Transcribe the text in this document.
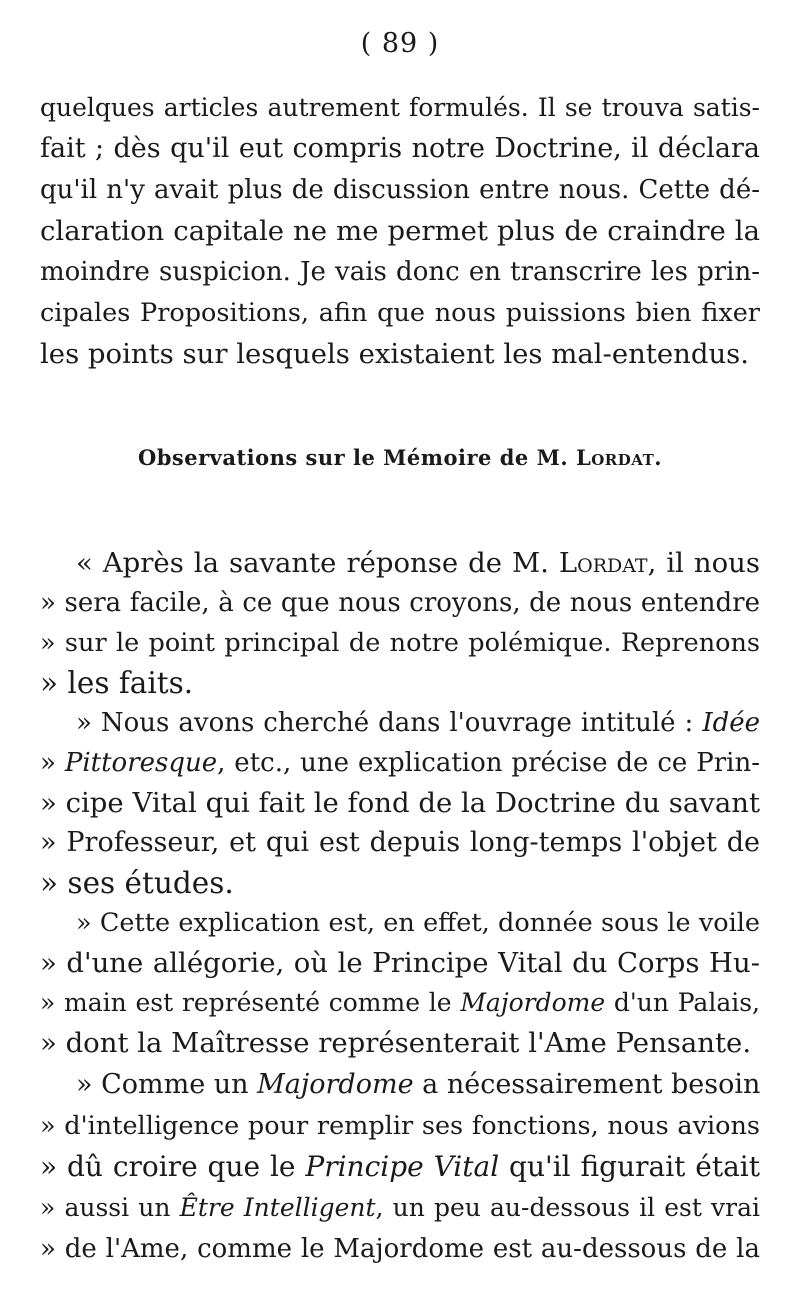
( 89 )
quelques articles autrement formulés. Il se trouva satis-
fait ; dès qu'il eut compris notre Doctrine, il déclara
qu'il n'y avait plus de discussion entre nous. Cette dé-
claration capitale ne me permet plus de craindre la
moindre suspicion. Je vais donc en transcrire les prin-
cipales Propositions, afin que nous puissions bien fixer
les points sur lesquels existaient les mal-entendus.
Observations sur le Mémoire de M. Lordat.
« Après la savante réponse de M. Lordat, il nous
» sera facile, à ce que nous croyons, de nous entendre
» sur le point principal de notre polémique. Reprenons
» les faits.
» Nous avons cherché dans l'ouvrage intitulé : Idée
» Pittoresque, etc., une explication précise de ce Prin-
» cipe Vital qui fait le fond de la Doctrine du savant
» Professeur, et qui est depuis long-temps l'objet de
» ses études.
» Cette explication est, en effet, donnée sous le voile
» d'une allégorie, où le Principe Vital du Corps Hu-
» main est représenté comme le Majordome d'un Palais,
» dont la Maîtresse représenterait l'Ame Pensante.
» Comme un Majordome a nécessairement besoin
» d'intelligence pour remplir ses fonctions, nous avions
» dû croire que le Principe Vital qu'il figurait était
» aussi un Être Intelligent, un peu au-dessous il est vrai
» de l'Ame, comme le Majordome est au-dessous de la
